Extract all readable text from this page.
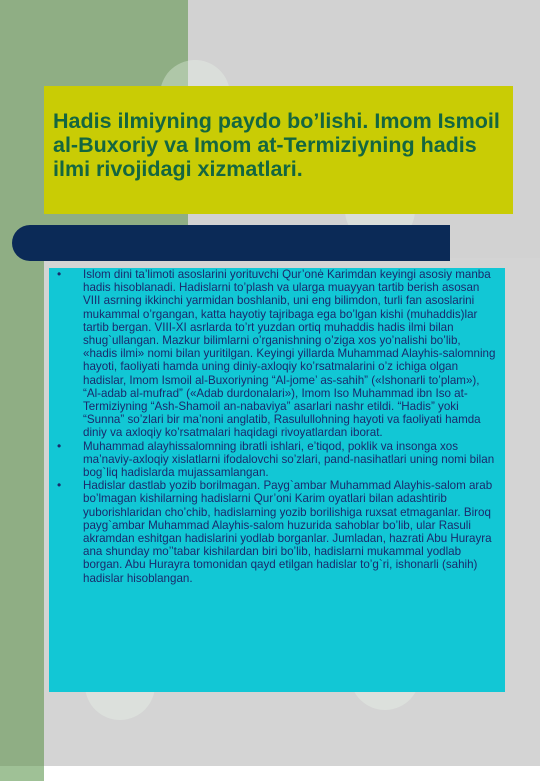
Hadis ilmiyning paydo bo’lishi. Imom Ismoil al-Buxoriy va Imom at-Termiziyning hadis ilmi rivojidagi xizmatlari.
• Islom dini ta’limoti asoslarini yorituvchi Qur’onė Karimdan keyingi asosiy manba hadis hisoblanadi. Hadislarni to’plash va ularga muayyan tartib berish asosan VIII asrning ikkinchi yarmidan boshlanib, uni eng bilimdon, turli fan asoslarini mukammal o’rgangan, katta hayotiy tajribaga ega bo’lgan kishi (muhaddis)lar tartib bergan. VIII-XI asrlarda to’rt yuzdan ortiq muhaddis hadis ilmi bilan shug`ullangan. Mazkur bilimlarni o’rganishning o’ziga xos yo’nalishi bo’lib, «hadis ilmi» nomi bilan yuritilgan. Keyingi yillarda Muhammad Alayhis-salomning hayoti, faoliyati hamda uning diniy-axloqiy ko’rsatmalarini o’z ichiga olgan hadislar, Imom Ismoil al-Buxoriyning “Al-jome’ as-sahih” («Ishonarli to’plam»), “Al-adab al-mufrad” («Adab durdonalari»), Imom Iso Muhammad ibn Iso at-Termiziyning “Ash-Shamoil an-nabaviya” asarlari nashr etildi. “Hadis” yoki “Sunna” so’zlari bir ma’noni anglatib, Rasulullohning hayoti va faoliyati hamda diniy va axloqiy ko’rsatmalari haqidagi rivoyatlardan iborat.
• Muhammad alayhissalomning ibratli ishlari, e’tiqod, poklik va insonga xos ma’naviy-axloqiy xislatlarni ifodalovchi so’zlari, pand-nasihatlari uning nomi bilan bog`liq hadislarda mujassamlangan.
• Hadislar dastlab yozib borilmagan. Payg`ambar Muhammad Alayhis-salom arab bo’lmagan kishilarning hadislarni Qur’oni Karim oyatlari bilan adashtirib yuborishlaridan cho’chib, hadislarning yozib borilishiga ruxsat etmaganlar. Biroq payg`ambar Muhammad Alayhis-salom huzurida sahoblar bo’lib, ular Rasuli akramdan eshitgan hadislarini yodlab borganlar. Jumladan, hazrati Abu Hurayra ana shunday mo’’tabar kishilardan biri bo’lib, hadislarni mukammal yodlab borgan. Abu Hurayra tomonidan qayd etilgan hadislar to’g`ri, ishonarli (sahih) hadislar hisoblangan.
